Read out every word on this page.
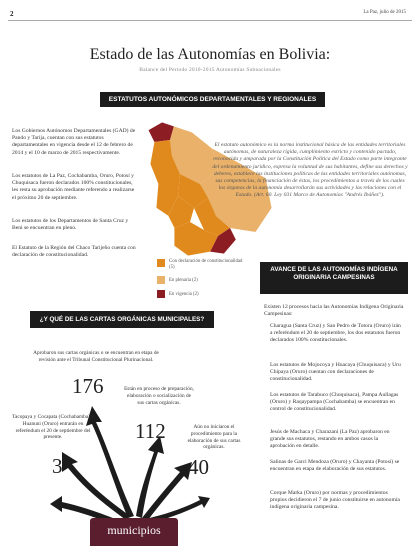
2	La Paz, julio de 2015
Estado de las Autonomías en Bolivia:
Balance del Periodo 2010-2015 Autonomías Subnacionales
ESTATUTOS AUTONÓMICOS DEPARTAMENTALES Y REGIONALES
Los Gobiernos Autónomos Departamentales (GAD) de Pando y Tarija, cuentan con sus estatutos departamentales en vigencia desde el 12 de febrero de 2014 y el 10 de marzo de 2015 respectivamente.
Los estatutos de La Paz, Cochabamba, Oruro, Potosí y Chuquisaca fueron declarados 100% constitucionales, les resta su aprobación mediante referendo a realizarse el próximo 20 de septiembre.
Los estatutos de los Departamentos de Santa Cruz y Beni se encuentran en pleno.
El Estatuto de la Región del Chaco Tarijeño cuenta con declaración de constitucionalidad.
El estatuto autonómico es la norma institucional básica de las entidades territoriales autónomas, de naturaleza rígida, cumplimiento estricto y contenido pactado, reconocida y amparada por la Constitución Política del Estado como parte integrante del ordenamiento jurídico, expresa la voluntad de sus habitantes, define sus derechos y deberes, establece las instituciones políticas de las entidades territoriales autónomas, sus competencias, la financiación de éstas, los procedimientos a través de los cuales los órganos de la autonomía desarrollarán sus actividades y las relaciones con el Estado. (Art. 60. Ley 031 Marco de Autonomías "Andrés Ibáñez").
Con declaración de constitucionalidad (5)
En plenaria (2)
En vigencia (2)
AVANCE DE LAS AUTONOMÍAS INDÍGENA ORIGINARIA CAMPESINAS
Existen 12 procesos hacia las Autonomías Indígena Originaria Campesinas:
Charagua (Santa Cruz) y San Pedro de Totora (Oruro) irán a referéndum el 20 de septiembre, los dos estatutos fueron declarados 100% constitucionales.
Los estatutos de Mojocoya y Huacaya (Chuquisaca) y Uru Chipaya (Oruro) cuentan con declaraciones de constitucionalidad.
Los estatutos de Tarabuco (Chuquisaca), Pampa Aullagas (Oruro) y Raqaypampa (Cochabamba) se encuentran en control de constitucionalidad.
Jesús de Machaca y Charazani (La Paz) aprobaron en grande sus estatutos, restando en ambos casos la aprobación en detalle.
Salinas de Garci Mendoza (Oruro) y Chayanta (Potosí) se encuentran en etapa de elaboración de sus estatutos.
Corque Marka (Oruro) por normas y procedimientos propios decidieron el 7 de junio constituirse en autonomía indígena originaria campesina.
¿Y QUÉ DE LAS CARTAS ORGÁNICAS MUNICIPALES?
Aprobaron sus cartas orgánicas o se encuentran en etapa de revisión ante el Tribunal Constitucional Plurinacional.
176	Están en proceso de preparación, elaboración o socialización de sus cartas orgánicas.
112	Aún no iniciaron el procedimiento para la elaboración de sus cartas orgánicas.
40
Tacopaya y Cocapata (Cochabamba) y Huanuni (Oruro) entrarán en referéndum el 20 de septiembre del presente.
3
municipios
